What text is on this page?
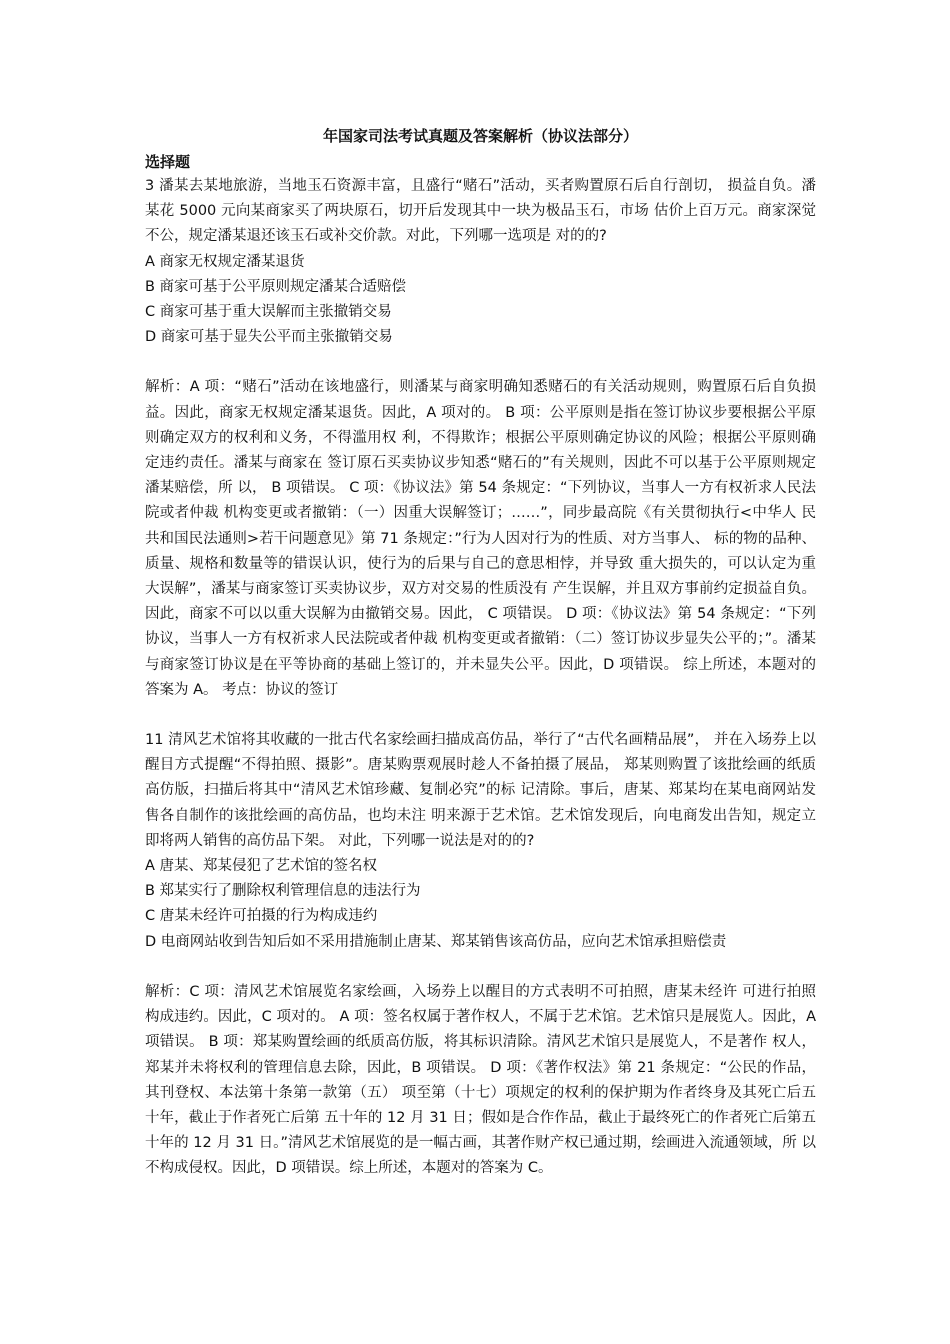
年国家司法考试真题及答案解析（协议法部分）
选择题

3 潘某去某地旅游，当地玉石资源丰富，且盛行“赌石”活动，买者购置原石后自行剖切， 损益自负。潘某花 5000 元向某商家买了两块原石，切开后发现其中一块为极品玉石，市场 估价上百万元。商家深觉不公，规定潘某退还该玉石或补交价款。对此，下列哪一选项是 对的的?

A 商家无权规定潘某退货

B 商家可基于公平原则规定潘某合适赔偿

C 商家可基于重大误解而主张撤销交易

D 商家可基于显失公平而主张撤销交易

解析：A 项：“赌石”活动在该地盛行，则潘某与商家明确知悉赌石的有关活动规则，购置原石后自负损益。因此，商家无权规定潘某退货。因此，A 项对的。 B 项：公平原则是指在签订协议步要根据公平原则确定双方的权利和义务，不得滥用权 利，不得欺诈；根据公平原则确定协议的风险；根据公平原则确定违约责任。潘某与商家在 签订原石买卖协议步知悉“赌石的”有关规则，因此不可以基于公平原则规定潘某赔偿，所 以， B 项错误。 C 项：《协议法》第 54 条规定：“下列协议，当事人一方有权祈求人民法院或者仲裁 机构变更或者撤销：（一）因重大误解签订；……”，同步最高院《有关贯彻执行<中华人 民共和国民法通则>若干问题意见》第 71 条规定：”行为人因对行为的性质、对方当事人、 标的物的品种、质量、规格和数量等的错误认识，使行为的后果与自己的意思相悖，并导致 重大损失的，可以认定为重大误解”，潘某与商家签订买卖协议步，双方对交易的性质没有 产生误解，并且双方事前约定损益自负。因此，商家不可以以重大误解为由撤销交易。因此， C 项错误。 D 项：《协议法》第 54 条规定：“下列协议，当事人一方有权祈求人民法院或者仲裁 机构变更或者撤销：（二）签订协议步显失公平的；”。潘某与商家签订协议是在平等协商的基础上签订的，并未显失公平。因此，D 项错误。 综上所述，本题对的答案为 A。 考点：协议的签订

11 清风艺术馆将其收藏的一批古代名家绘画扫描成高仿品，举行了“古代名画精品展”， 并在入场券上以醒目方式提醒“不得拍照、摄影”。唐某购票观展时趁人不备拍摄了展品， 郑某则购置了该批绘画的纸质高仿版，扫描后将其中“清风艺术馆珍藏、复制必究”的标 记清除。事后，唐某、郑某均在某电商网站发售各自制作的该批绘画的高仿品，也均未注 明来源于艺术馆。艺术馆发现后，向电商发出告知，规定立即将两人销售的高仿品下架。 对此，下列哪一说法是对的的?

A 唐某、郑某侵犯了艺术馆的签名权

B 郑某实行了删除权利管理信息的违法行为

C 唐某未经许可拍摄的行为构成违约

D 电商网站收到告知后如不采用措施制止唐某、郑某销售该高仿品，应向艺术馆承担赔偿责

解析：C 项：清风艺术馆展览名家绘画，入场券上以醒目的方式表明不可拍照，唐某未经许 可进行拍照构成违约。因此，C 项对的。 A 项：签名权属于著作权人，不属于艺术馆。艺术馆只是展览人。因此，A 项错误。 B 项：郑某购置绘画的纸质高仿版，将其标识清除。清风艺术馆只是展览人，不是著作 权人，郑某并未将权利的管理信息去除，因此，B 项错误。 D 项：《著作权法》第 21 条规定：“公民的作品，其刊登权、本法第十条第一款第（五） 项至第（十七）项规定的权利的保护期为作者终身及其死亡后五十年，截止于作者死亡后第 五十年的 12 月 31 日；假如是合作作品，截止于最终死亡的作者死亡后第五十年的 12 月 31 日。”清风艺术馆展览的是一幅古画，其著作财产权已通过期，绘画进入流通领域，所 以不构成侵权。因此，D 项错误。综上所述，本题对的答案为 C。
